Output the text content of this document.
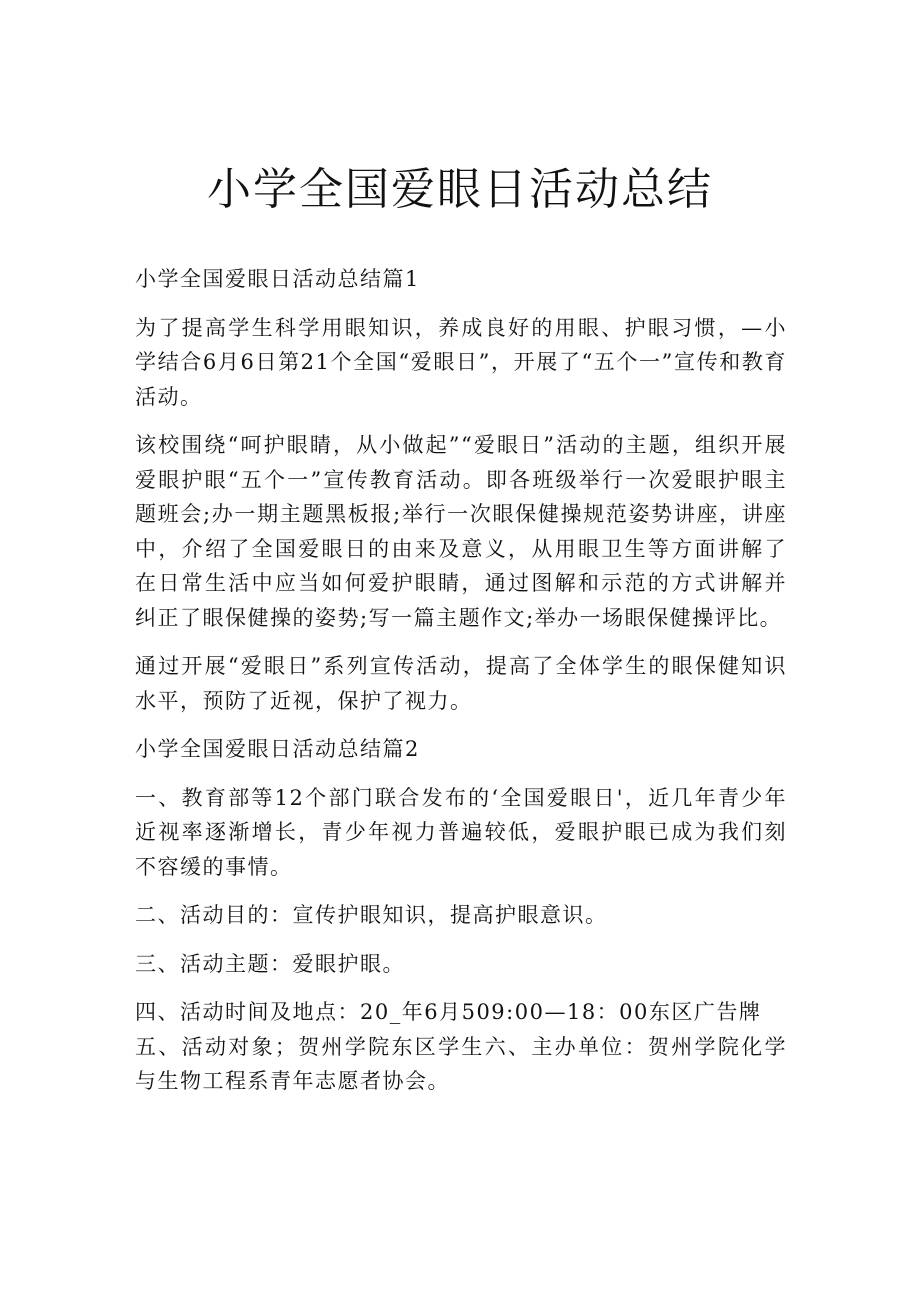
小学全国爱眼日活动总结

小学全国爱眼日活动总结篇1

为了提高学生科学用眼知识，养成良好的用眼、护眼习惯，—小学结合6月6日第21个全国“爱眼日”，开展了“五个一”宣传和教育活动。

该校围绕“呵护眼睛，从小做起”“爱眼日”活动的主题，组织开展爱眼护眼“五个一”宣传教育活动。即各班级举行一次爱眼护眼主题班会;办一期主题黑板报;举行一次眼保健操规范姿势讲座，讲座中，介绍了全国爱眼日的由来及意义，从用眼卫生等方面讲解了在日常生活中应当如何爱护眼睛，通过图解和示范的方式讲解并纠正了眼保健操的姿势;写一篇主题作文;举办一场眼保健操评比。

通过开展“爱眼日”系列宣传活动，提高了全体学生的眼保健知识水平，预防了近视，保护了视力。

小学全国爱眼日活动总结篇2

一、教育部等12个部门联合发布的‘全国爱眼日'，近几年青少年近视率逐渐增长，青少年视力普遍较低，爱眼护眼已成为我们刻不容缓的事情。

二、活动目的：宣传护眼知识，提高护眼意识。

三、活动主题：爱眼护眼。

四、活动时间及地点：20_年6月509:00—18：00东区广告牌

五、活动对象；贺州学院东区学生六、主办单位：贺州学院化学与生物工程系青年志愿者协会。
